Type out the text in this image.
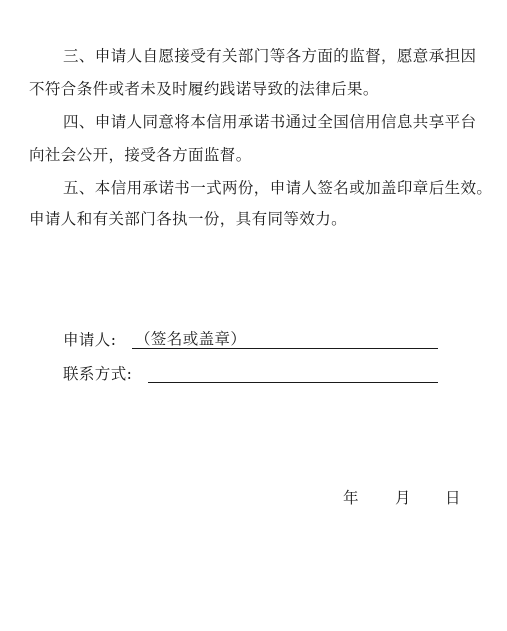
三、申请人自愿接受有关部门等各方面的监督，愿意承担因
不符合条件或者未及时履约践诺导致的法律后果。
四、申请人同意将本信用承诺书通过全国信用信息共享平台
向社会公开，接受各方面监督。
五、本信用承诺书一式两份，申请人签名或加盖印章后生效。
申请人和有关部门各执一份，具有同等效力。
申请人: （签名或盖章）
联系方式:
年 月 日
